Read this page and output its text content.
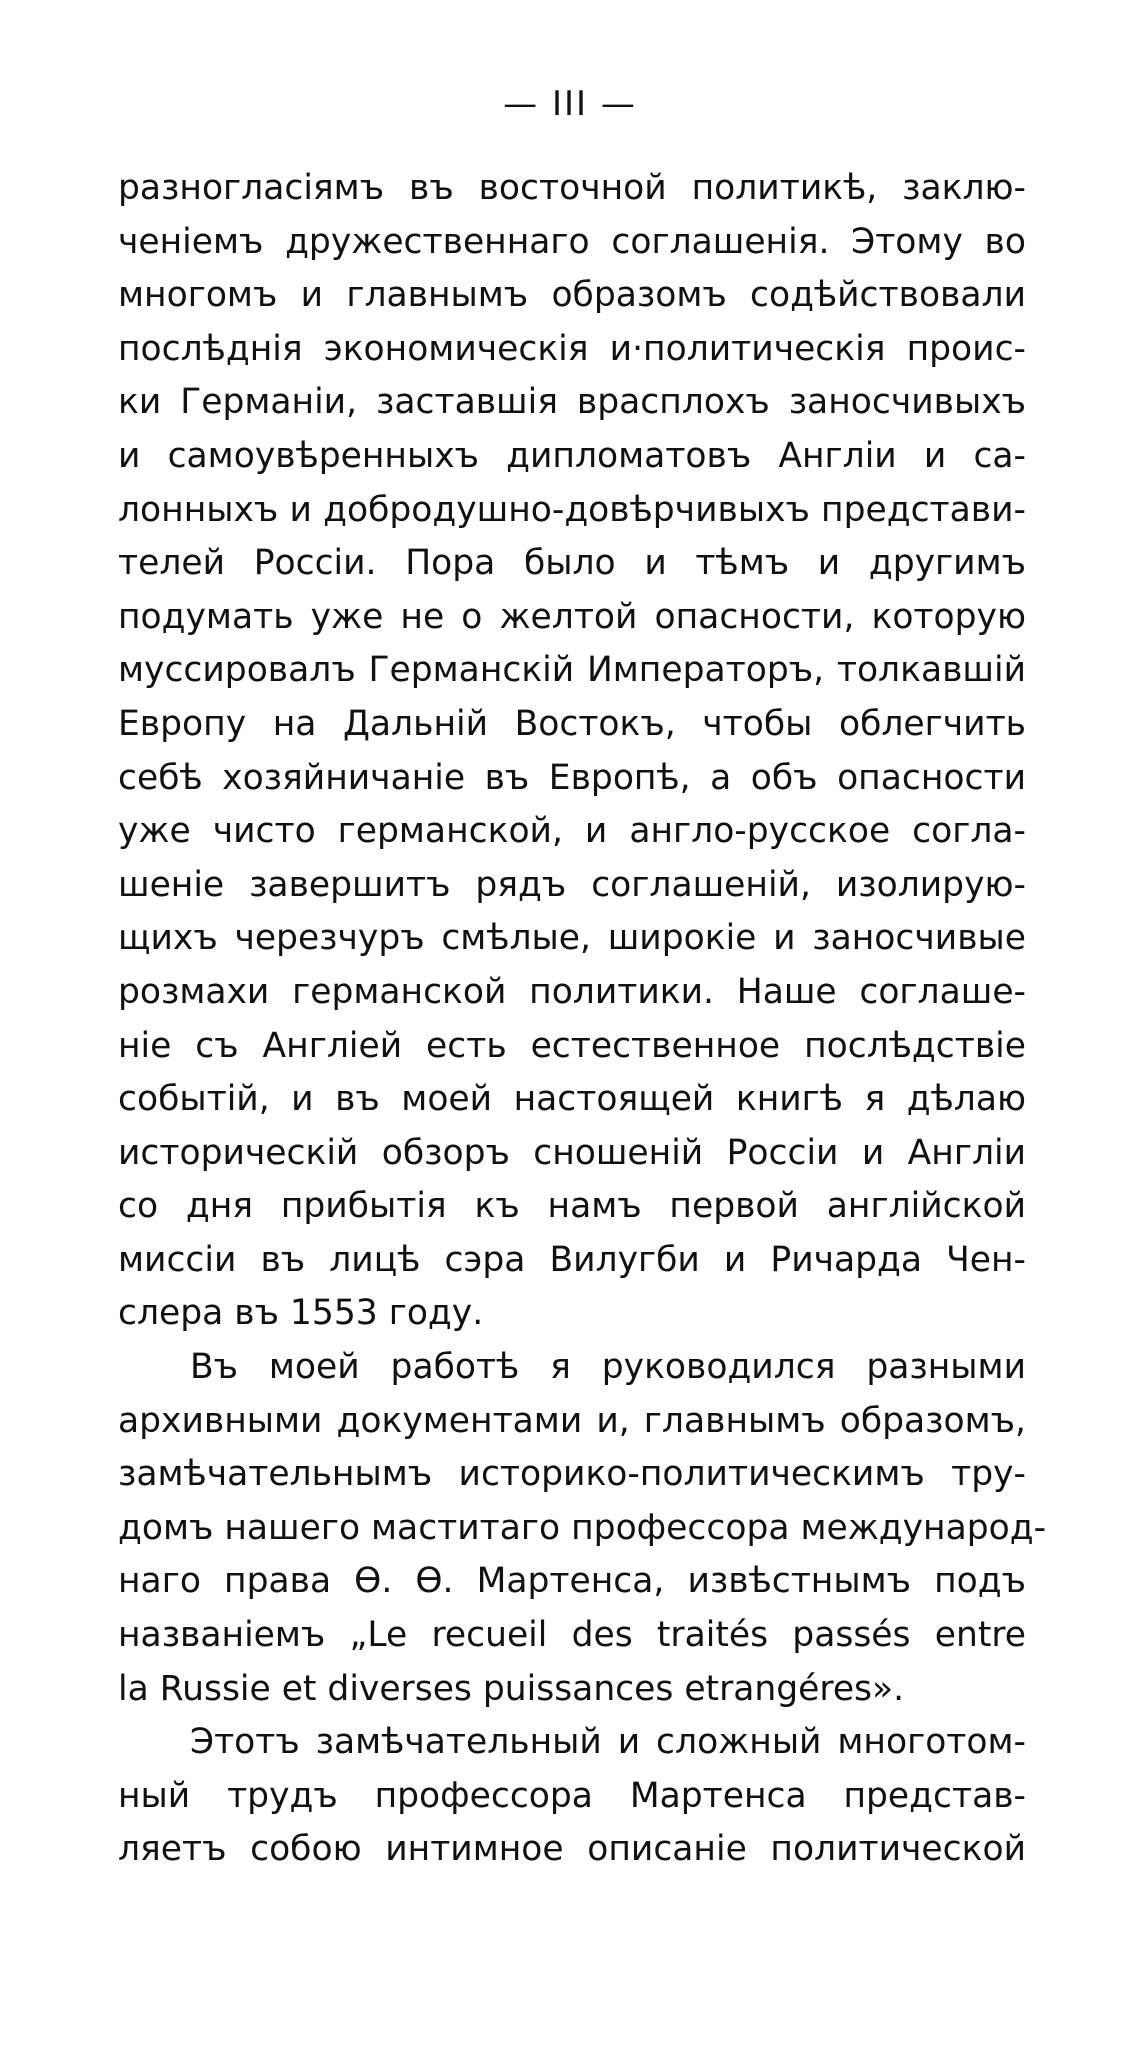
— III —
разногласiямъ въ восточной политикѣ, заклю-
ченiемъ дружественнаго соглашенiя. Этому во
многомъ и главнымъ образомъ содѣйствовали
послѣднiя экономическiя и·политическiя проис-
ки Германiи, заставшiя врасплохъ заносчивыхъ
и самоувѣренныхъ дипломатовъ Англiи и са-
лонныхъ и добродушно-довѣрчивыхъ представи-
телей Россiи. Пора было и тѣмъ и другимъ
подумать уже не о желтой опасности, которую
муссировалъ Германскiй Императоръ, толкавшiй
Европу на Дальнiй Востокъ, чтобы облегчить
себѣ хозяйничанiе въ Европѣ, а объ опасности
уже чисто германской, и англо-русское согла-
шенiе завершитъ рядъ соглашенiй, изолирую-
щихъ черезчуръ смѣлые, широкiе и заносчивые
розмахи германской политики. Наше соглаше-
нiе съ Англiей есть естественное послѣдствiе
событiй, и въ моей настоящей книгѣ я дѣлаю
историческiй обзоръ сношенiй Россiи и Англiи
со дня прибытiя къ намъ первой англiйской
миссiи въ лицѣ сэра Вилугби и Ричарда Чен-
слера въ 1553 году.
Въ моей работѣ я руководился разными
архивными документами и, главнымъ образомъ,
замѣчательнымъ историко-политическимъ тру-
домъ нашего маститаго профессора международ-
наго права Ѳ. Ѳ. Мартенса, извѣстнымъ подъ
названiемъ „Le recueil des traités passés entre
la Russie et diverses puissances etrangéres».
Этотъ замѣчательный и сложный многотом-
ный трудъ профессора Мартенса представ-
ляетъ собою интимное описанiе политической
